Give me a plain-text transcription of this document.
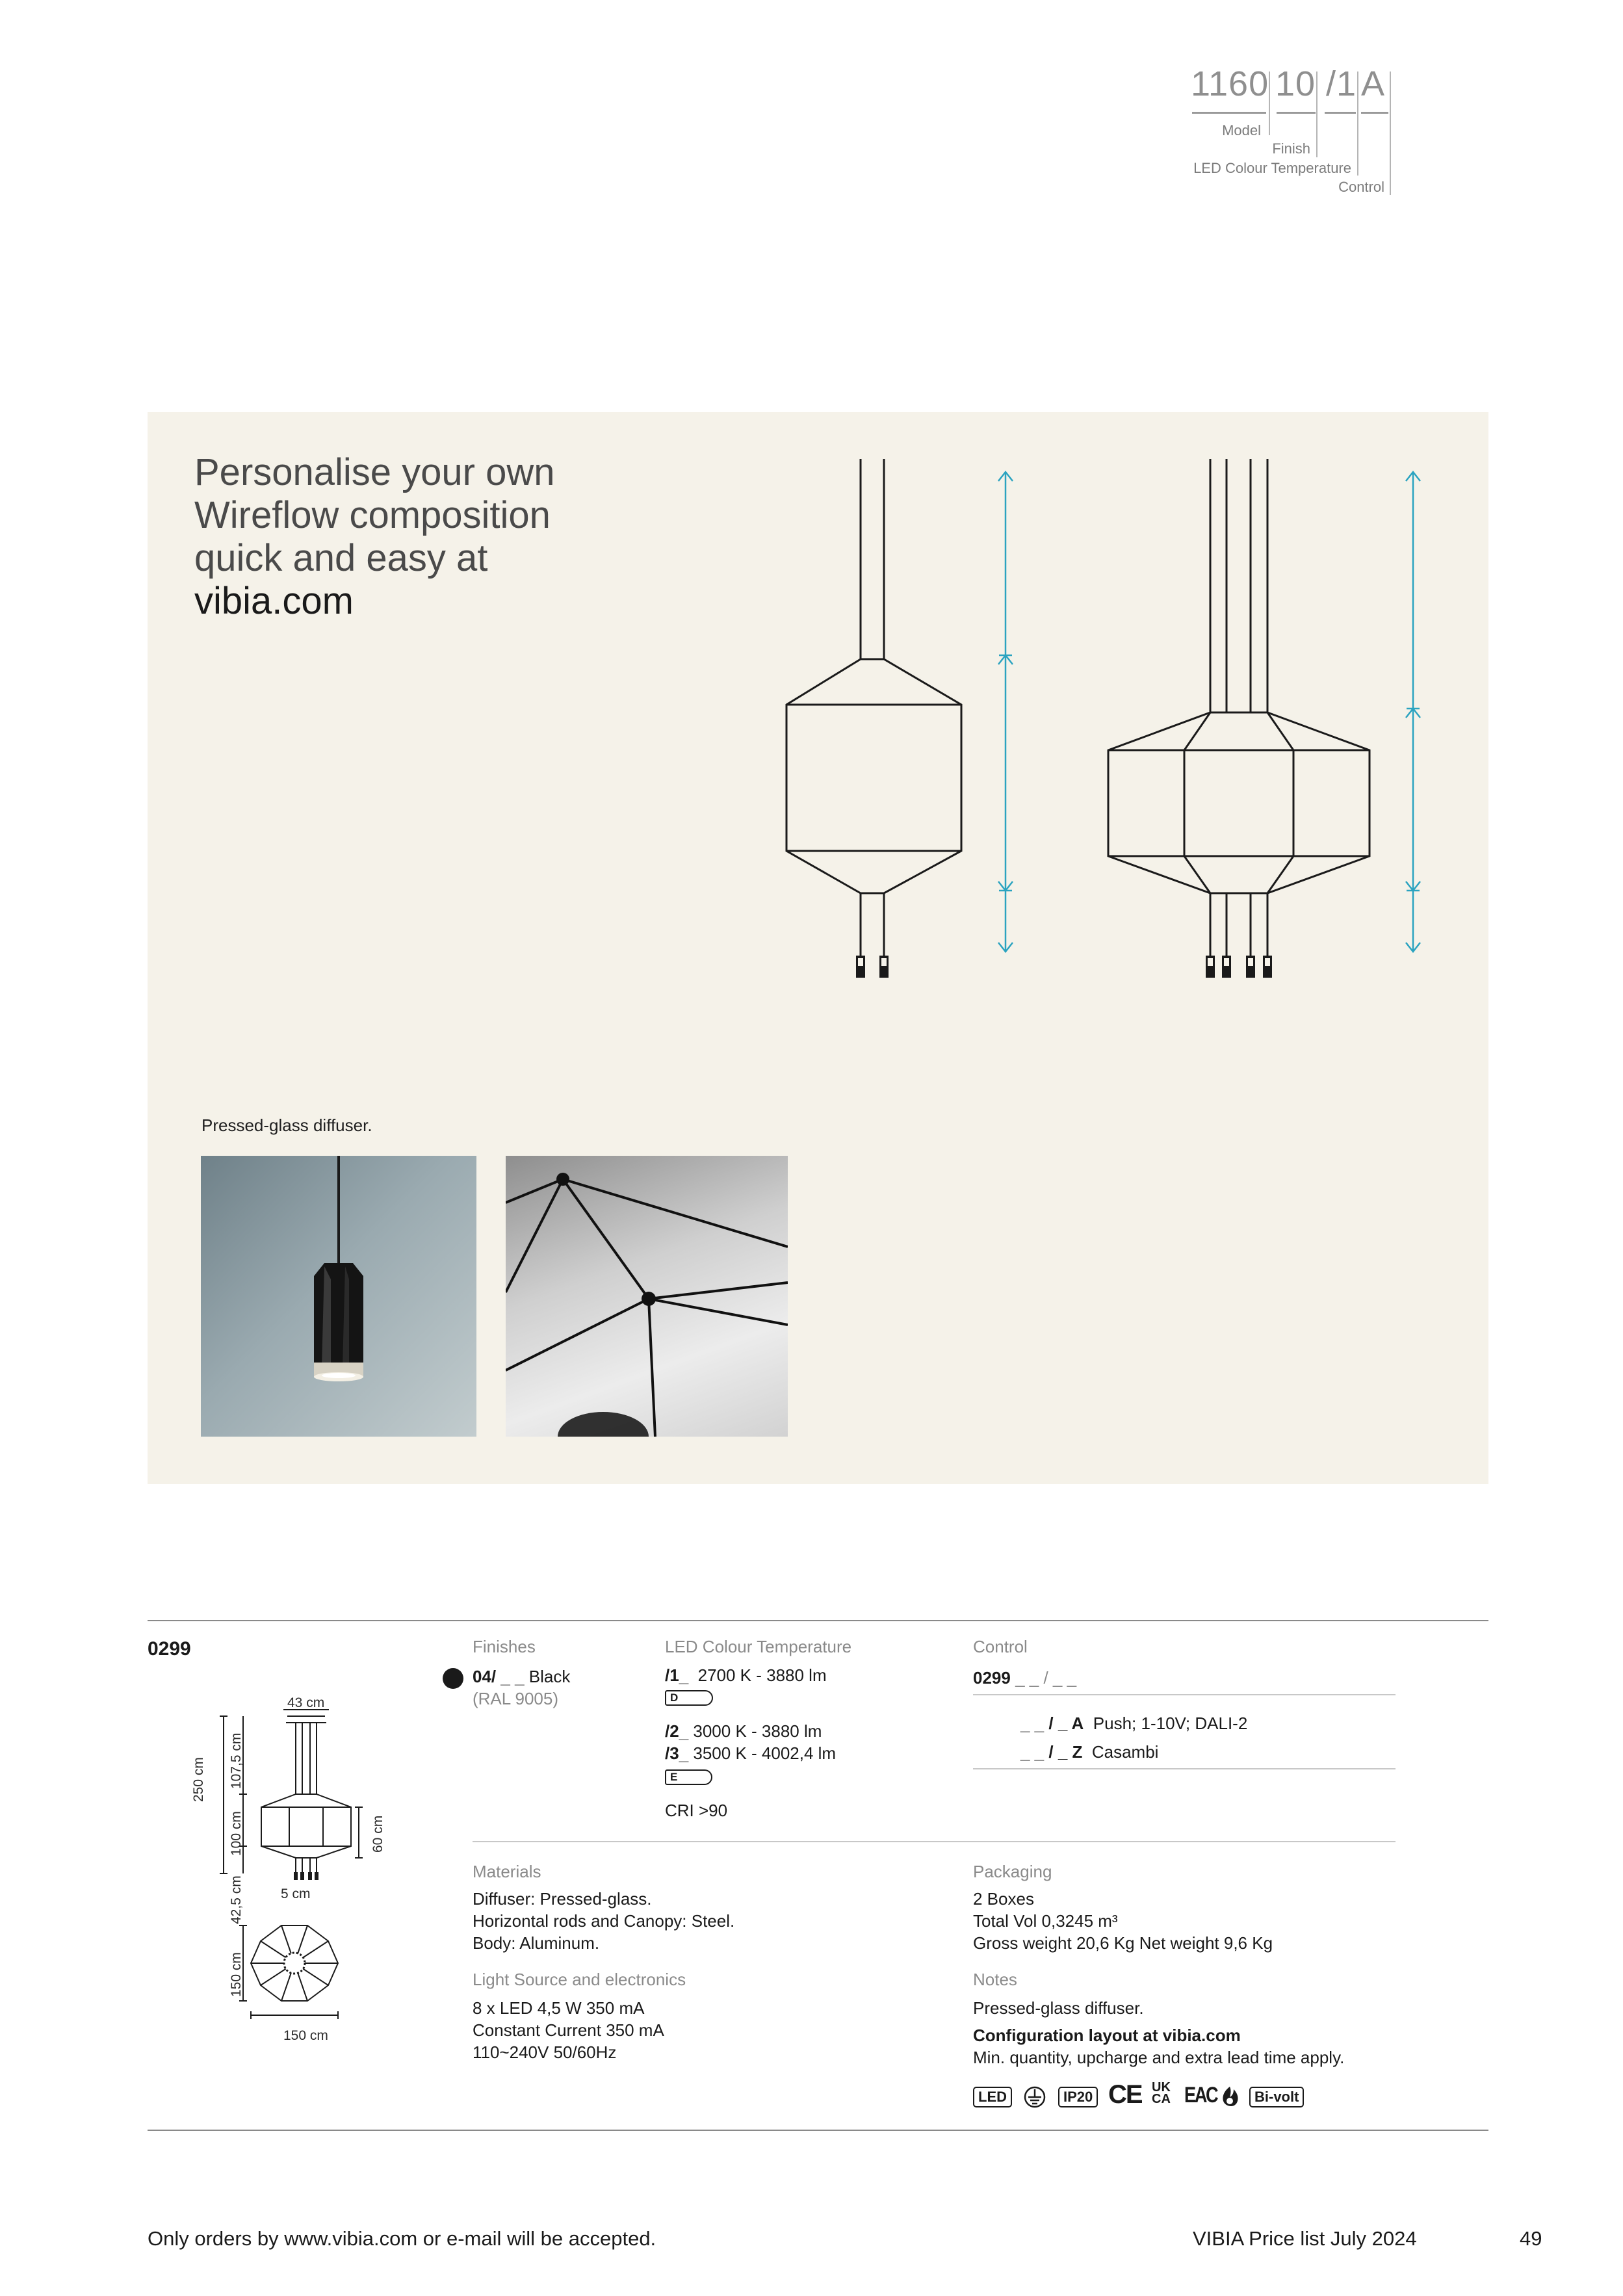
1160 10 /1 A
Model
Finish
LED Colour Temperature
Control
Personalise your own
Wireflow composition
quick and easy at
vibia.com
Pressed-glass diffuser.
0299
43 cm
250 cm 107,5 cm
100 cm
42,5 cm
60 cm
5 cm
150 cm
150 cm
Finishes
04/ _ _ Black
(RAL 9005)
LED Colour Temperature
/1_ 2700 K - 3880 lm
D
/2_ 3000 K - 3880 lm
/3_ 3500 K - 4002,4 lm
E
CRI >90
Control
0299 _ _ / _ _
_ _ / _ A Push; 1-10V; DALI-2
_ _ / _ Z Casambi
Materials
Diffuser: Pressed-glass.
Horizontal rods and Canopy: Steel.
Body: Aluminum.
Light Source and electronics
8 x LED 4,5 W 350 mA
Constant Current 350 mA
110~240V 50/60Hz
Packaging
2 Boxes
Total Vol 0,3245 m³
Gross weight 20,6 Kg Net weight 9,6 Kg
Notes
Pressed-glass diffuser.
Configuration layout at vibia.com
Min. quantity, upcharge and extra lead time apply.
LED	IP20 CE UK
CA EAC	Bi-volt
Only orders by www.vibia.com or e-mail will be accepted.	VIBIA Price list July 2024	49
